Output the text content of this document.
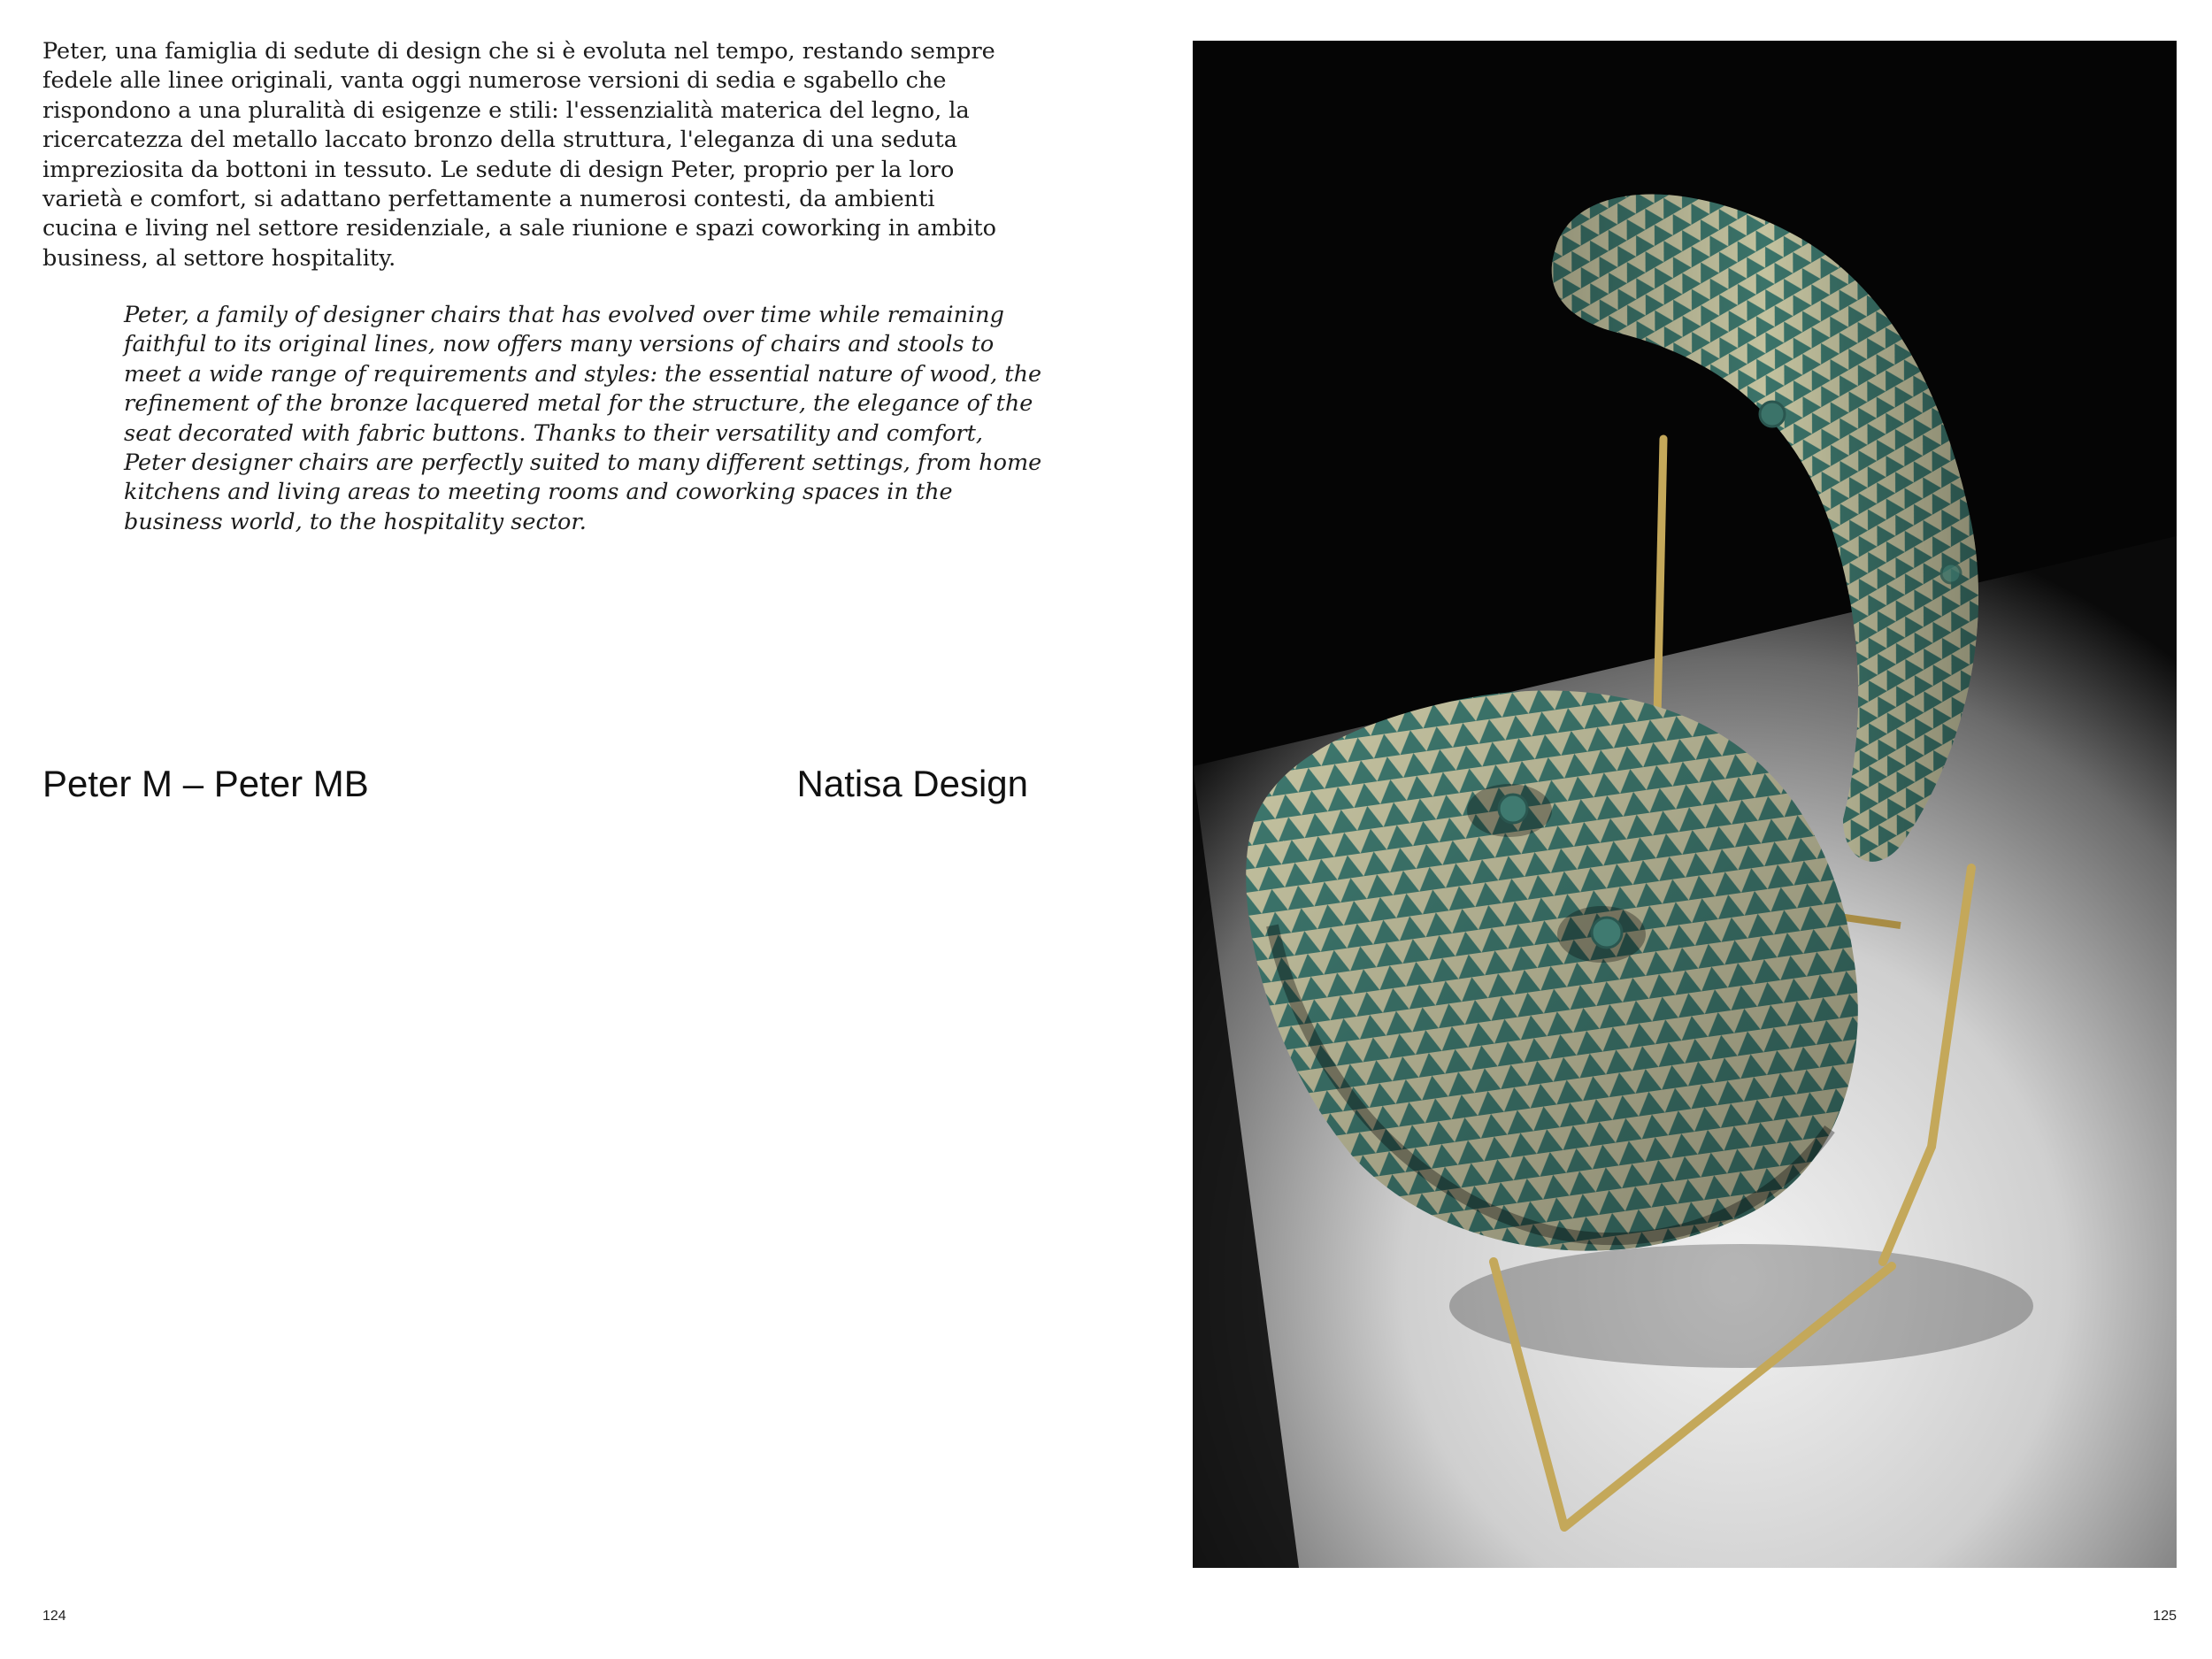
Peter, una famiglia di sedute di design che si è evoluta nel tempo, restando sempre fedele alle linee originali, vanta oggi numerose versioni di sedia e sgabello che rispondono a una pluralità di esigenze e stili: l'essenzialità materica del legno, la ricercatezza del metallo laccato bronzo della struttura, l'eleganza di una seduta impreziosita da bottoni in tessuto. Le sedute di design Peter, proprio per la loro varietà e comfort, si adattano perfettamente a numerosi contesti, da ambienti cucina e living nel settore residenziale, a sale riunione e spazi coworking in ambito business, al settore hospitality.

Peter, a family of designer chairs that has evolved over time while remaining faithful to its original lines, now offers many versions of chairs and stools to meet a wide range of requirements and styles: the essential nature of wood, the refinement of the bronze lacquered metal for the structure, the elegance of the seat decorated with fabric buttons. Thanks to their versatility and comfort, Peter designer chairs are perfectly suited to many different settings, from home kitchens and living areas to meeting rooms and coworking spaces in the business world, to the hospitality sector.

Peter M – Peter MB	Natisa Design
124	125
